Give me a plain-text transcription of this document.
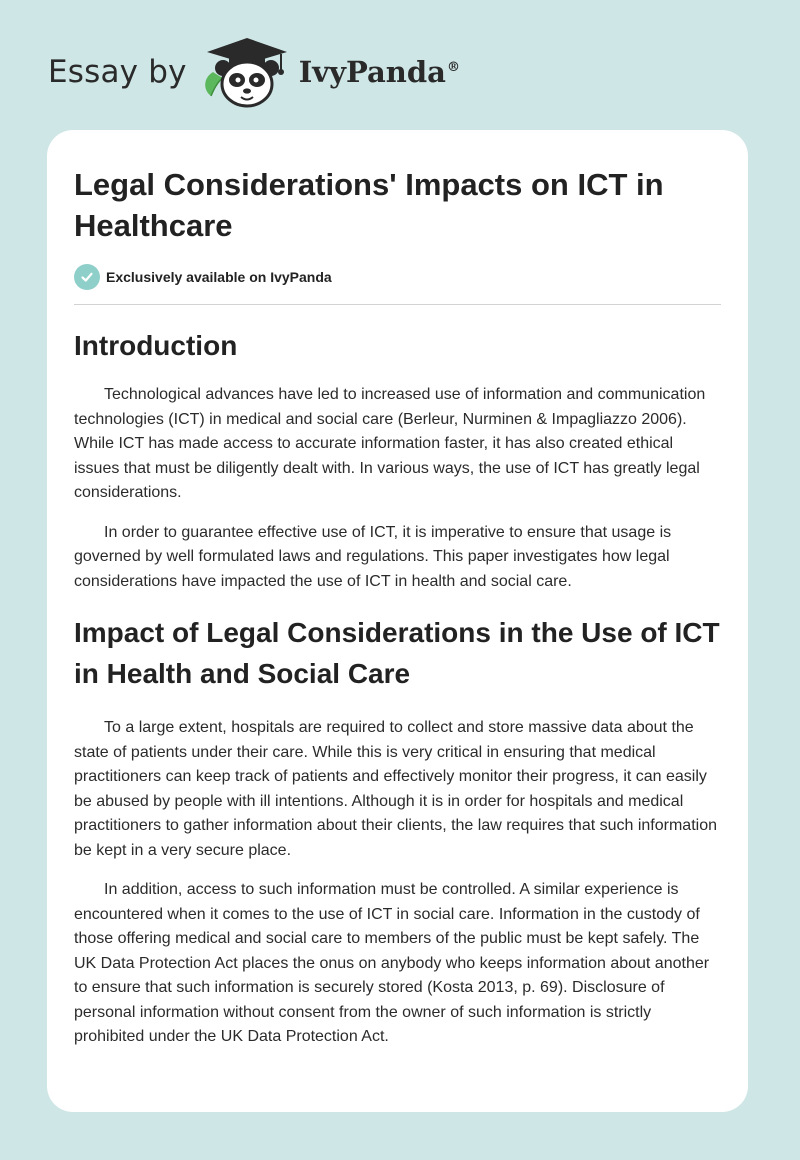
Essay by	IvyPanda®
Legal Considerations' Impacts on ICT in Healthcare
Exclusively available on IvyPanda
Introduction

Technological advances have led to increased use of information and communication technologies (ICT) in medical and social care (Berleur, Nurminen & Impagliazzo 2006). While ICT has made access to accurate information faster, it has also created ethical issues that must be diligently dealt with. In various ways, the use of ICT has greatly legal considerations.

In order to guarantee effective use of ICT, it is imperative to ensure that usage is governed by well formulated laws and regulations. This paper investigates how legal considerations have impacted the use of ICT in health and social care.

Impact of Legal Considerations in the Use of ICT in Health and Social Care

To a large extent, hospitals are required to collect and store massive data about the state of patients under their care. While this is very critical in ensuring that medical practitioners can keep track of patients and effectively monitor their progress, it can easily be abused by people with ill intentions. Although it is in order for hospitals and medical practitioners to gather information about their clients, the law requires that such information be kept in a very secure place.

In addition, access to such information must be controlled. A similar experience is encountered when it comes to the use of ICT in social care. Information in the custody of those offering medical and social care to members of the public must be kept safely. The UK Data Protection Act places the onus on anybody who keeps information about another to ensure that such information is securely stored (Kosta 2013, p. 69). Disclosure of personal information without consent from the owner of such information is strictly prohibited under the UK Data Protection Act.
